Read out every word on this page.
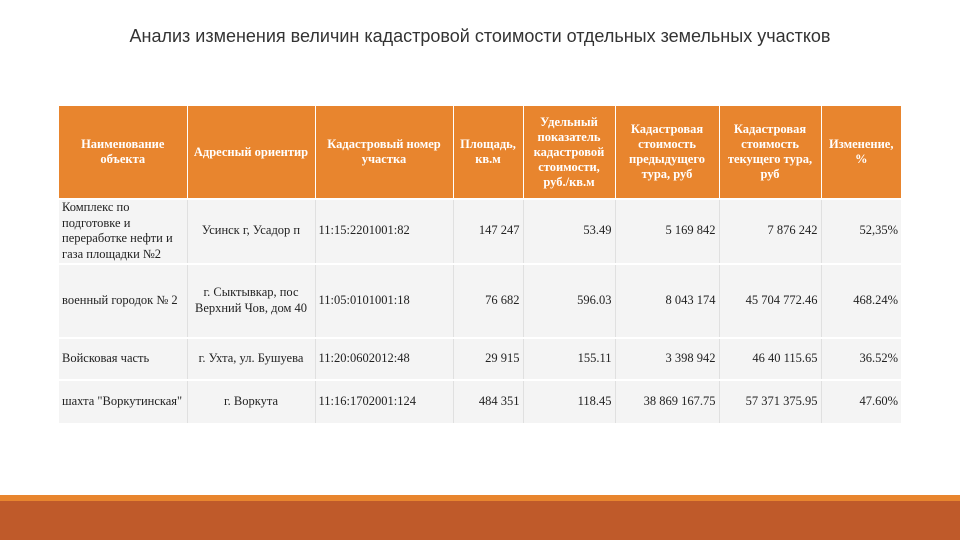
Анализ изменения величин кадастровой стоимости отдельных земельных участков
Наименование объекта	Адресный ориентир	Кадастровый номер участка	Площадь, кв.м	Удельный показатель кадастровой стоимости, руб./кв.м	Кадастровая стоимость предыдущего тура, руб	Кадастровая стоимость текущего тура, руб	Изменение, %
Комплекс по подготовке и переработке нефти и газа площадки №2	Усинск г, Усадор п	11:15:2201001:82	147 247	53.49	5 169 842	7 876 242	52,35%
военный городок № 2	г. Сыктывкар, пос Верхний Чов, дом 40	11:05:0101001:18	76 682	596.03	8 043 174	45 704 772.46	468.24%
Войсковая часть	г. Ухта, ул. Бушуева	11:20:0602012:48	29 915	155.11	3 398 942	46 40 115.65	36.52%
шахта "Воркутинская"	г. Воркута	11:16:1702001:124	484 351	118.45	38 869 167.75	57 371 375.95	47.60%
